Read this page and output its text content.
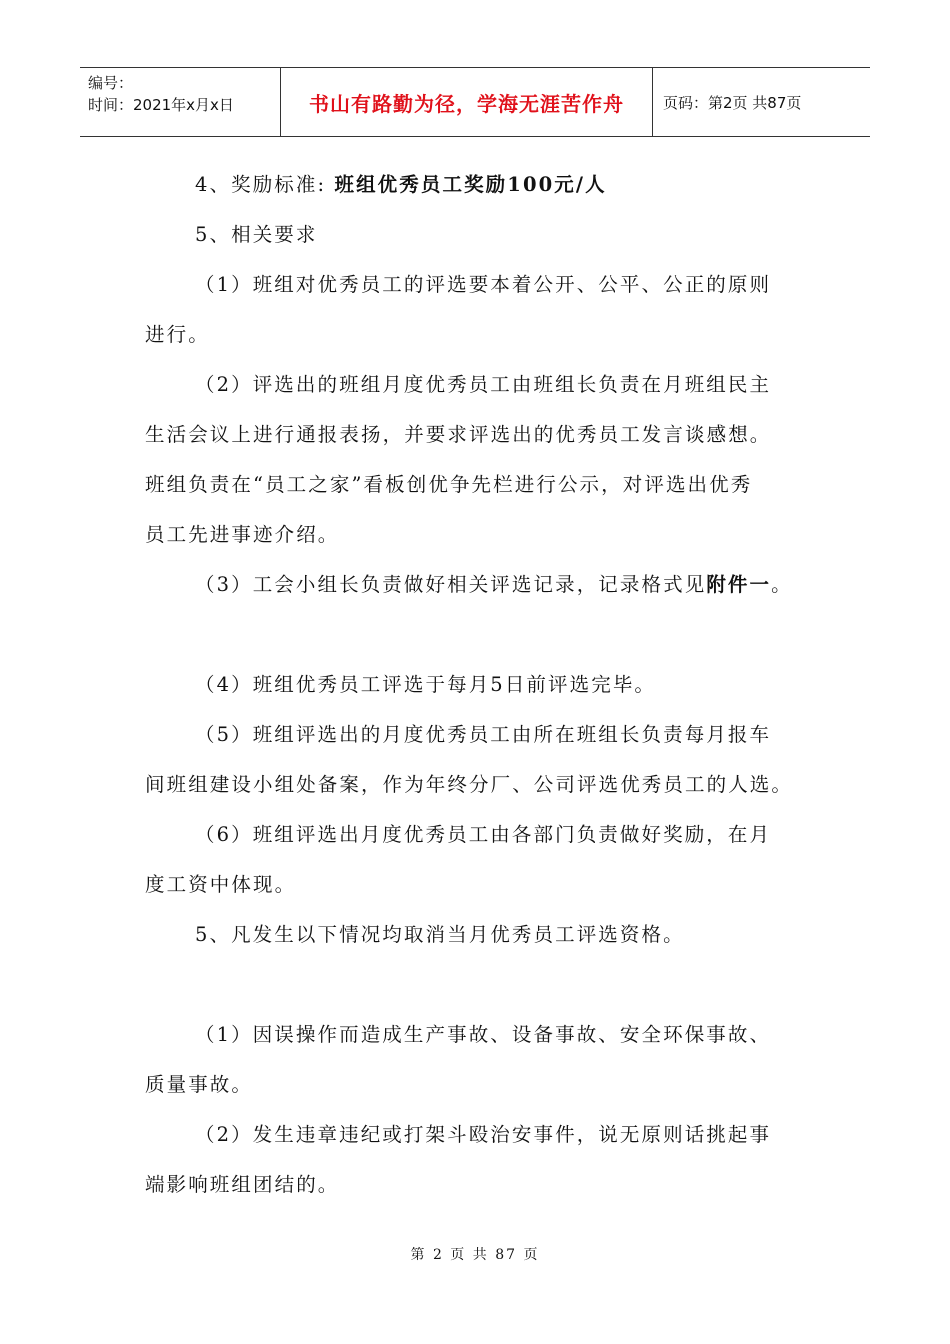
编号：
时间：2021年x月x日	书山有路勤为径，学海无涯苦作舟	页码：第2页 共87页

4、奖励标准: 班组优秀员工奖励100元/人

5、相关要求

（1）班组对优秀员工的评选要本着公开、公平、公正的原则

进行。

（2）评选出的班组月度优秀员工由班组长负责在月班组民主

生活会议上进行通报表扬，并要求评选出的优秀员工发言谈感想。

班组负责在“员工之家”看板创优争先栏进行公示，对评选出优秀

员工先进事迹介绍。

（3）工会小组长负责做好相关评选记录，记录格式见附件一。

（4）班组优秀员工评选于每月5日前评选完毕。

（5）班组评选出的月度优秀员工由所在班组长负责每月报车

间班组建设小组处备案，作为年终分厂、公司评选优秀员工的人选。

（6）班组评选出月度优秀员工由各部门负责做好奖励，在月

度工资中体现。

5、凡发生以下情况均取消当月优秀员工评选资格。

（1）因误操作而造成生产事故、设备事故、安全环保事故、

质量事故。

（2）发生违章违纪或打架斗殴治安事件，说无原则话挑起事

端影响班组团结的。

第 2 页 共 87 页
